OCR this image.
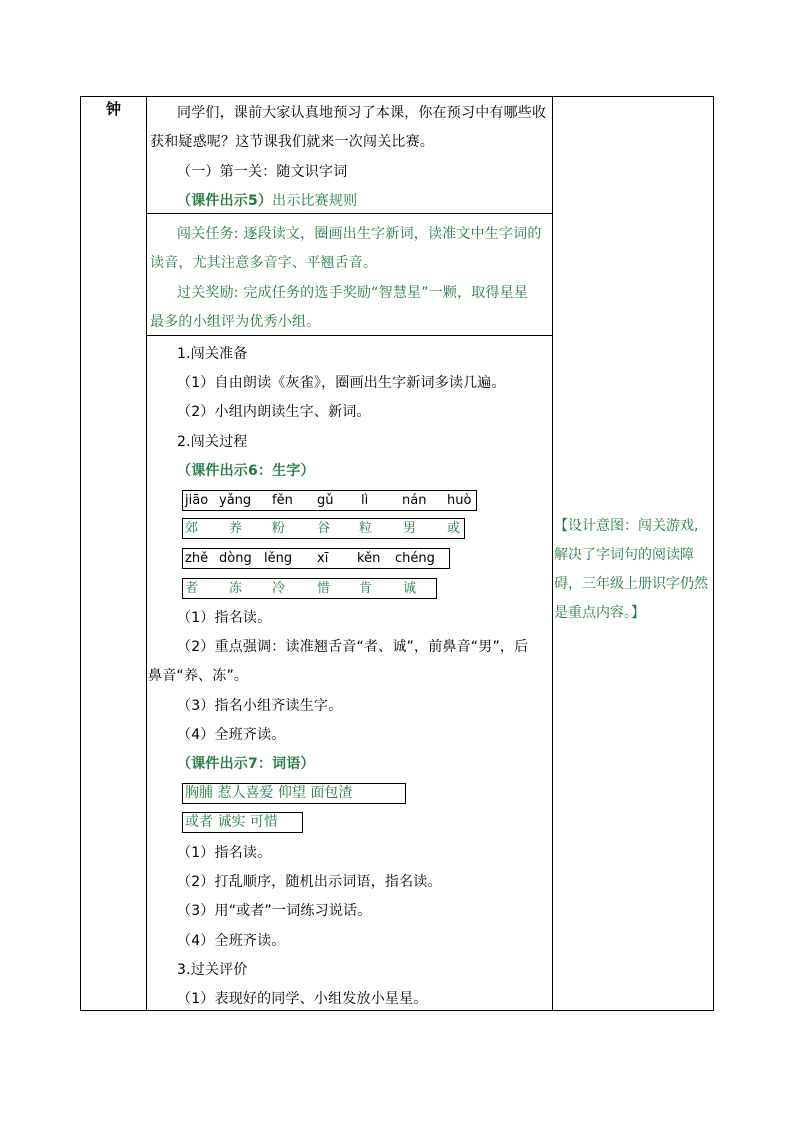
钟	同学们，课前大家认真地预习了本课，你在预习中有哪些收
获和疑惑呢？这节课我们就来一次闯关比赛。
（一）第一关：随文识字词
（课件出示5）出示比赛规则
闯关任务: 逐段读文，圈画出生字新词，读准文中生字词的
读音，尤其注意多音字、平翘舌音。
过关奖励: 完成任务的选手奖励“智慧星”一颗，取得星星
最多的小组评为优秀小组。
1.闯关准备
（1）自由朗读《灰雀》，圈画出生字新词多读几遍。
（2）小组内朗读生字、新词。
2.闯关过程
（课件出示6：生字）
jiāo yǎng fěn gǔ lì	nán huò
郊 养 粉 谷 粒 男 或
zhě dòng lěng xī kěn chéng
者 冻 冷 惜 肯 诚
（1）指名读。
（2）重点强调：读准翘舌音“者、诚”，前鼻音“男”，后
鼻音“养、冻”。
（3）指名小组齐读生字。
（4）全班齐读。
（课件出示7：词语）
胸脯 惹人喜爱 仰望 面包渣
或者 诚实 可惜
（1）指名读。
（2）打乱顺序，随机出示词语，指名读。
（3）用“或者”一词练习说话。
（4）全班齐读。
3.过关评价
（1）表现好的同学、小组发放小星星。
【设计意图：闯关游戏,
解决了字词句的阅读障
碍，三年级上册识字仍然
是重点内容。】
